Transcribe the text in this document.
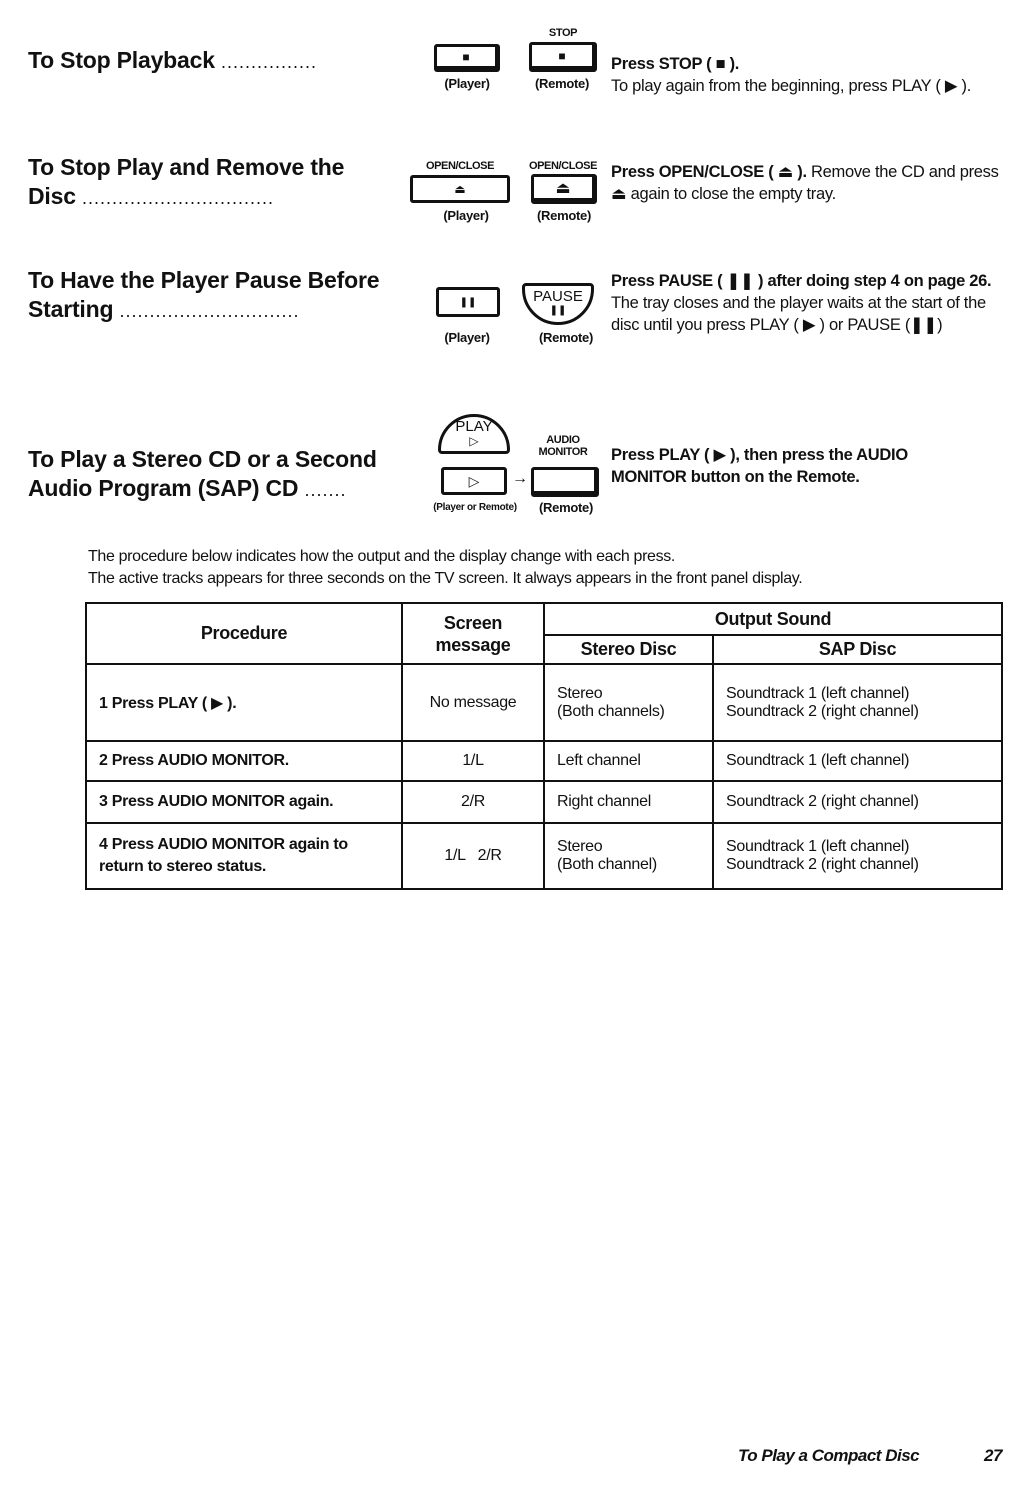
To Stop Playback ................
STOP
■	■
(Player)	(Remote)
Press STOP ( ■ ).
To play again from the beginning, press PLAY ( ▶ ).
To Stop Play and Remove the
Disc ................................
OPEN/CLOSE	OPEN/CLOSE
⏏	⏏
(Player)	(Remote)
Press OPEN/CLOSE ( ⏏ ). Remove the CD and press ⏏ again to close the empty tray.
To Have the Player Pause Before
Starting ..............................	❚❚	PAUSE
❚❚
(Player)	(Remote)
Press PAUSE ( ❚❚ ) after doing step 4 on page 26.
The tray closes and the player waits at the start of the disc until you press PLAY ( ▶ ) or PAUSE (❚❚)
To Play a Stereo CD or a Second
Audio Program (SAP) CD .......
PLAY
▷
▷ →
AUDIO
MONITOR
(Player or Remote)	(Remote)
Press PLAY ( ▶ ), then press the AUDIO MONITOR button on the Remote.
The procedure below indicates how the output and the display change with each press.
The active tracks appears for three seconds on the TV screen. It always appears in the front panel display.
Procedure	Screen message	Output Sound	
		Stereo Disc	SAP Disc
1 Press PLAY ( ▶ ).	No message	Stereo
(Both channels)	Soundtrack 1 (left channel)
Soundtrack 2 (right channel)
2 Press AUDIO MONITOR.	1/L	Left channel	Soundtrack 1 (left channel)
3 Press AUDIO MONITOR again.	2/R	Right channel	Soundtrack 2 (right channel)
4 Press AUDIO MONITOR again to return to stereo status.	1/L   2/R	Stereo
(Both channel)	Soundtrack 1 (left channel)
Soundtrack 2 (right channel)
To Play a Compact Disc	27
